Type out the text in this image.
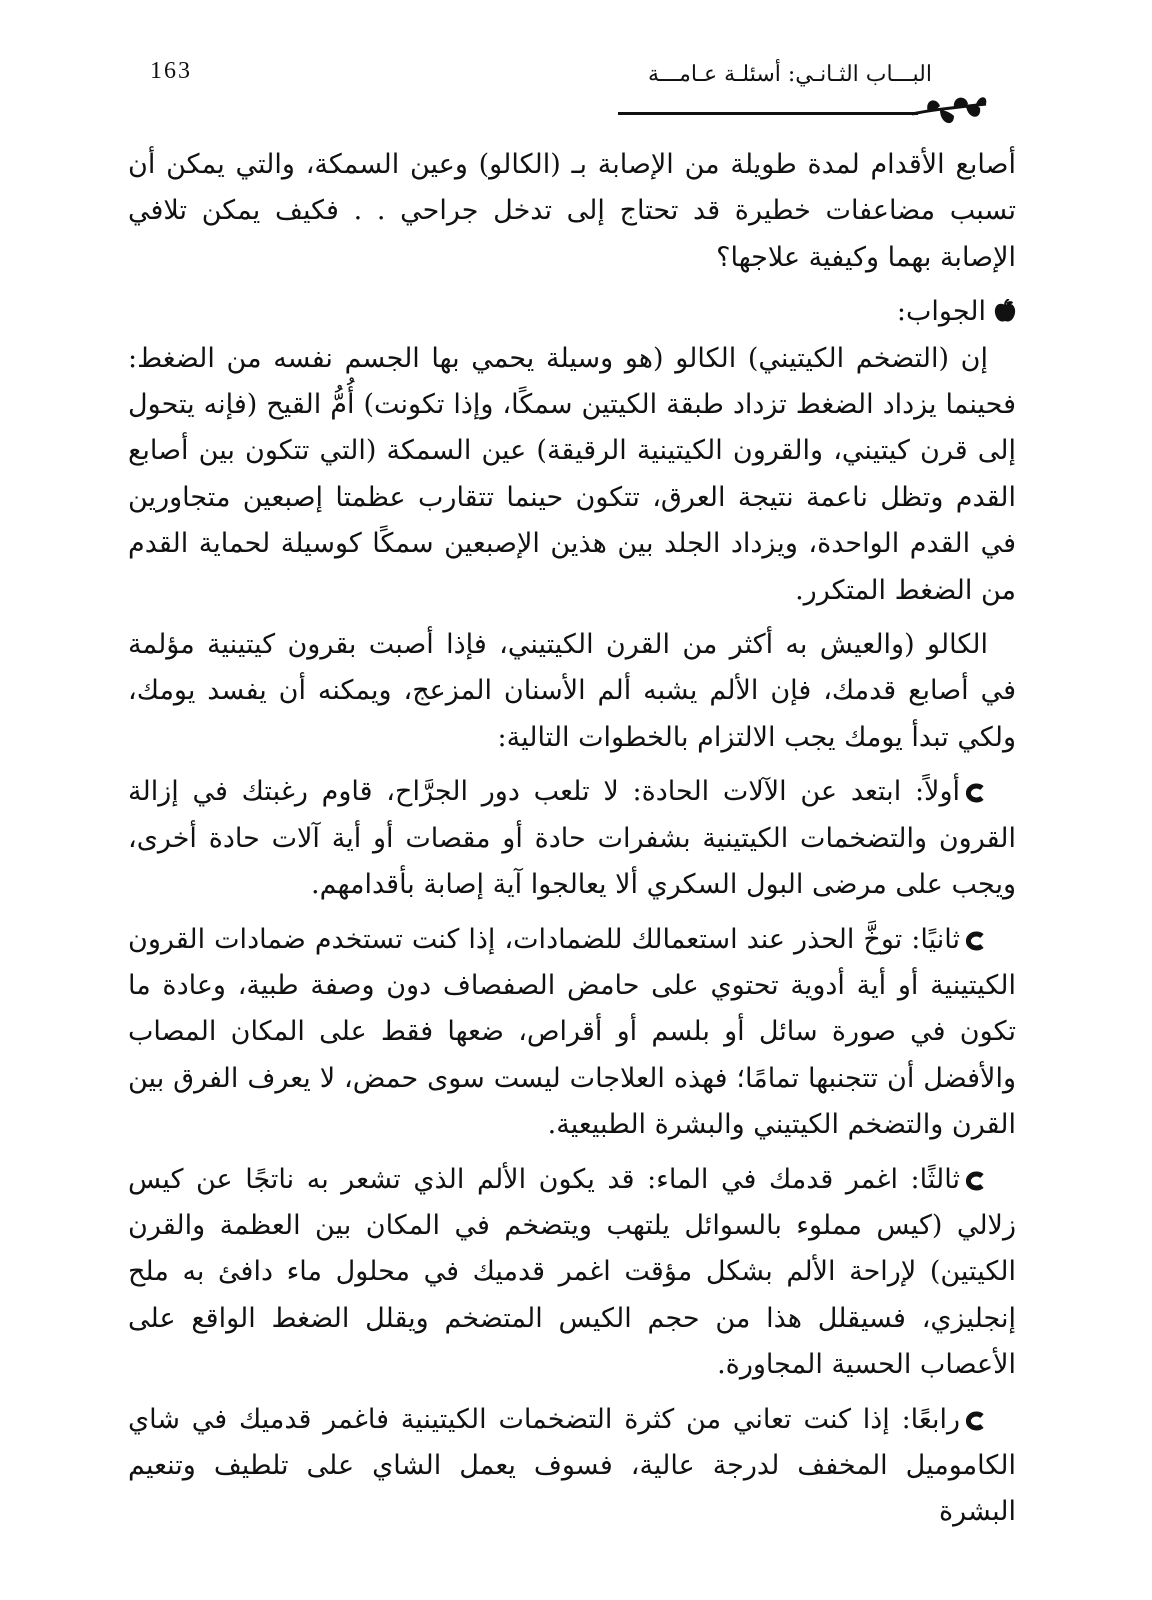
163	البـــاب الثـانـي: أسئلـة عـامـــة

أصابع الأقدام لمدة طويلة من الإصابة بـ (الكالو) وعين السمكة، والتي يمكن أن تسبب مضاعفات خطيرة قد تحتاج إلى تدخل جراحي . . فكيف يمكن تلافي الإصابة بهما وكيفية علاجها؟

الجواب:

إن (التضخم الكيتيني) الكالو (هو وسيلة يحمي بها الجسم نفسه من الضغط: فحينما يزداد الضغط تزداد طبقة الكيتين سمكًا، وإذا تكونت) أُمُّ القيح (فإنه يتحول إلى قرن كيتيني، والقرون الكيتينية الرقيقة) عين السمكة (التي تتكون بين أصابع القدم وتظل ناعمة نتيجة العرق، تتكون حينما تتقارب عظمتا إصبعين متجاورين في القدم الواحدة، ويزداد الجلد بين هذين الإصبعين سمكًا كوسيلة لحماية القدم من الضغط المتكرر.

الكالو (والعيش به أكثر من القرن الكيتيني، فإذا أصبت بقرون كيتينية مؤلمة في أصابع قدمك، فإن الألم يشبه ألم الأسنان المزعج، ويمكنه أن يفسد يومك، ولكي تبدأ يومك يجب الالتزام بالخطوات التالية:

أولاً: ابتعد عن الآلات الحادة: لا تلعب دور الجرَّاح، قاوم رغبتك في إزالة القرون والتضخمات الكيتينية بشفرات حادة أو مقصات أو أية آلات حادة أخرى، ويجب على مرضى البول السكري ألا يعالجوا آية إصابة بأقدامهم.

ثانيًا: توخَّ الحذر عند استعمالك للضمادات، إذا كنت تستخدم ضمادات القرون الكيتينية أو أية أدوية تحتوي على حامض الصفصاف دون وصفة طبية، وعادة ما تكون في صورة سائل أو بلسم أو أقراص، ضعها فقط على المكان المصاب والأفضل أن تتجنبها تمامًا؛ فهذه العلاجات ليست سوى حمض، لا يعرف الفرق بين القرن والتضخم الكيتيني والبشرة الطبيعية.

ثالثًا: اغمر قدمك في الماء: قد يكون الألم الذي تشعر به ناتجًا عن كيس زلالي (كيس مملوء بالسوائل يلتهب ويتضخم في المكان بين العظمة والقرن الكيتين) لإراحة الألم بشكل مؤقت اغمر قدميك في محلول ماء دافئ به ملح إنجليزي، فسيقلل هذا من حجم الكيس المتضخم ويقلل الضغط الواقع على الأعصاب الحسية المجاورة.

رابعًا: إذا كنت تعاني من كثرة التضخمات الكيتينية فاغمر قدميك في شاي الكاموميل المخفف لدرجة عالية، فسوف يعمل الشاي على تلطيف وتنعيم البشرة
